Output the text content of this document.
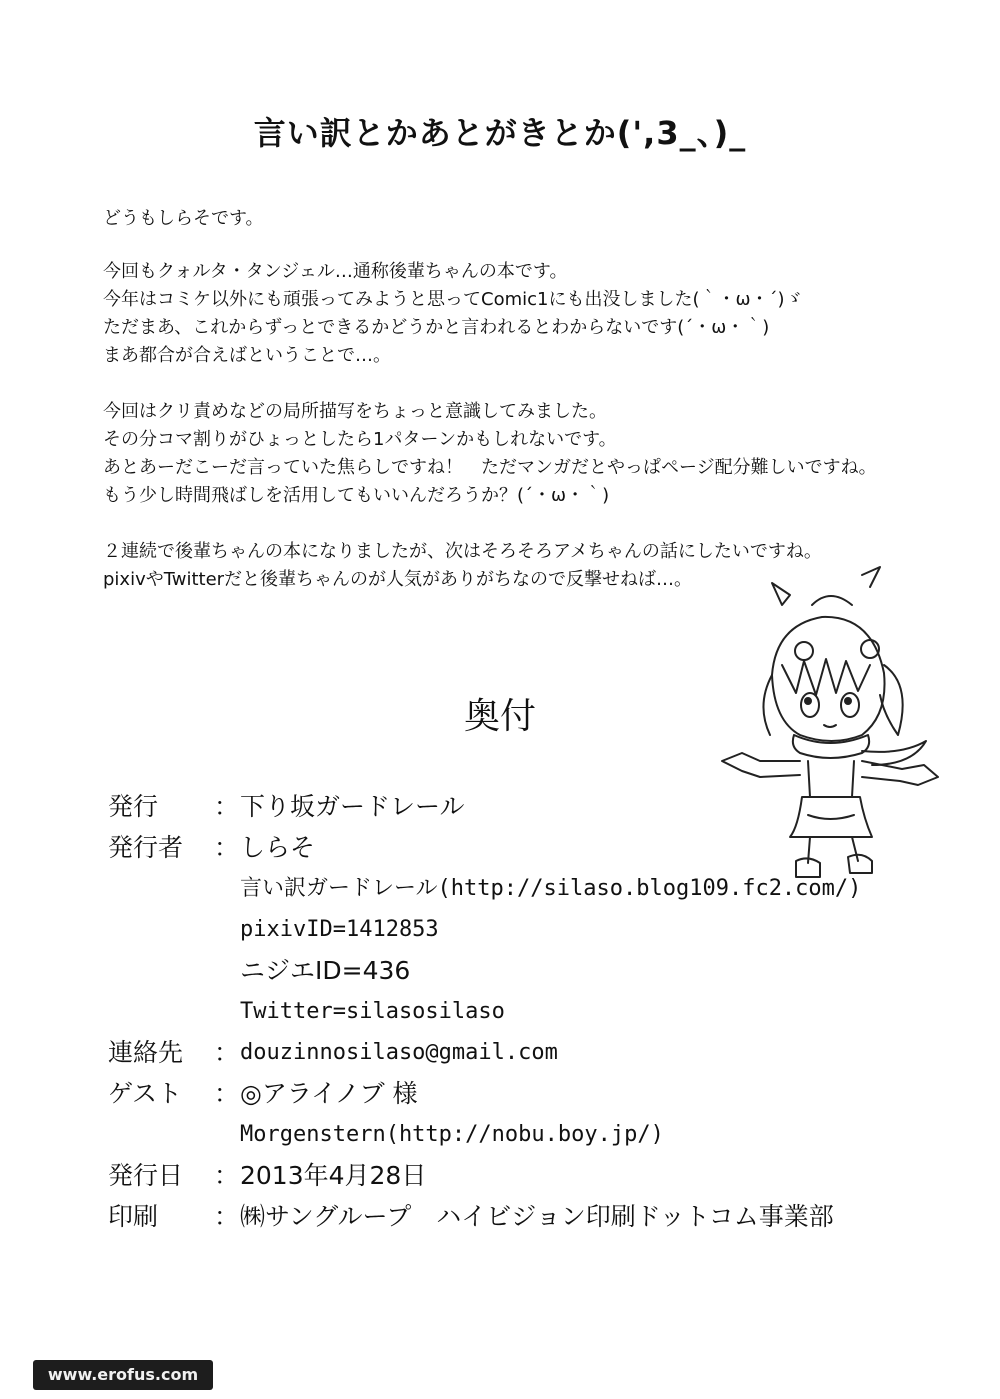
言い訳とかあとがきとか(',3_、)_
どうもしらそです。
今回もクォルタ・タンジェル…通称後輩ちゃんの本です。
今年はコミケ以外にも頑張ってみようと思ってComic1にも出没しました(｀・ω・´)ゞ
ただまあ、これからずっとできるかどうかと言われるとわからないです(´・ω・｀)
まあ都合が合えばということで…。
今回はクリ責めなどの局所描写をちょっと意識してみました。
その分コマ割りがひょっとしたら1パターンかもしれないです。
あとあーだこーだ言っていた焦らしですね！　ただマンガだとやっぱページ配分難しいですね。
もう少し時間飛ばしを活用してもいいんだろうか？(´・ω・｀)
２連続で後輩ちゃんの本になりましたが、次はそろそろアメちゃんの話にしたいですね。
pixivやTwitterだと後輩ちゃんのが人気がありがちなので反撃せねば…。
奥付
発行 ： 下り坂ガードレール
発行者 ： しらそ
言い訳ガードレール(http://silaso.blog109.fc2.com/)
pixivID=1412853
ニジエID=436
Twitter=silasosilaso
連絡先 ： douzinnosilaso@gmail.com
ゲスト ： ◎アライノブ 様
Morgenstern(http://nobu.boy.jp/)
発行日 ： 2013年4月28日
印刷 ： ㈱サングループ　ハイビジョン印刷ドットコム事業部
www.erofus.com
